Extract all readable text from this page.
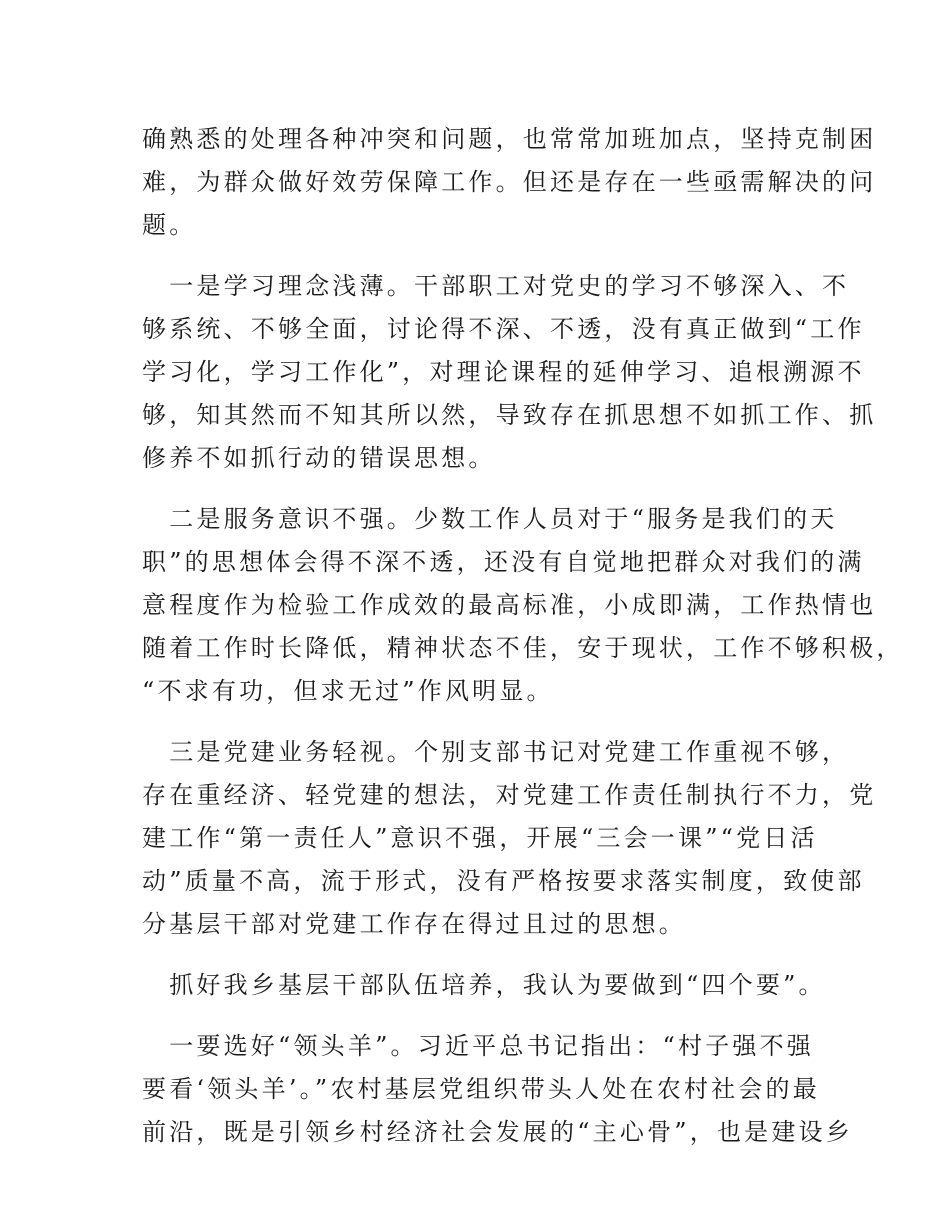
确熟悉的处理各种冲突和问题，也常常加班加点，坚持克制困
难，为群众做好效劳保障工作。但还是存在一些亟需解决的问
题。
　一是学习理念浅薄。干部职工对党史的学习不够深入、不
够系统、不够全面，讨论得不深、不透，没有真正做到“工作
学习化，学习工作化”，对理论课程的延伸学习、追根溯源不
够，知其然而不知其所以然，导致存在抓思想不如抓工作、抓
修养不如抓行动的错误思想。
　二是服务意识不强。少数工作人员对于“服务是我们的天
职”的思想体会得不深不透，还没有自觉地把群众对我们的满
意程度作为检验工作成效的最高标准，小成即满，工作热情也
随着工作时长降低，精神状态不佳，安于现状，工作不够积极，
“不求有功，但求无过”作风明显。
　三是党建业务轻视。个别支部书记对党建工作重视不够，
存在重经济、轻党建的想法，对党建工作责任制执行不力，党
建工作“第一责任人”意识不强，开展“三会一课”“党日活
动”质量不高，流于形式，没有严格按要求落实制度，致使部
分基层干部对党建工作存在得过且过的思想。
　抓好我乡基层干部队伍培养，我认为要做到“四个要”。
　一要选好“领头羊”。习近平总书记指出：“村子强不强
要看‘领头羊’。”农村基层党组织带头人处在农村社会的最
前沿，既是引领乡村经济社会发展的“主心骨”，也是建设乡
